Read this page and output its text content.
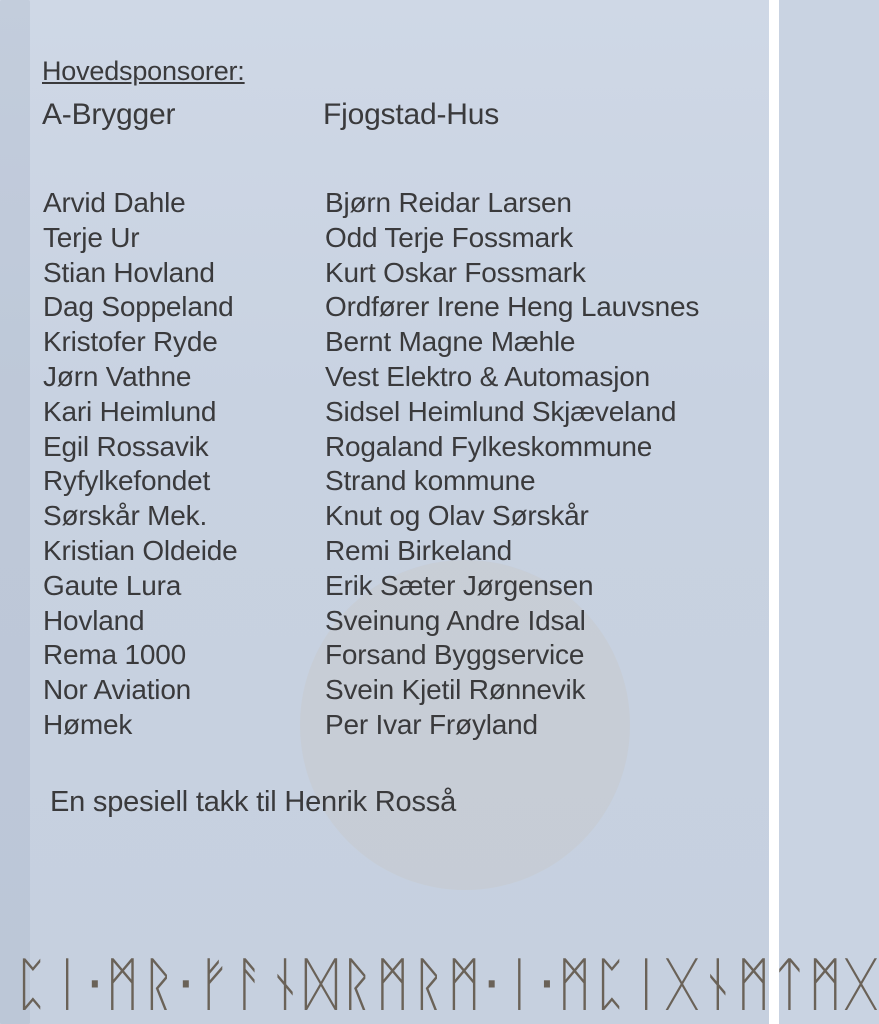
Hovedsponsorer:
A-Brygger	Fjogstad-Hus
Arvid Dahle
Terje Ur
Stian Hovland
Dag Soppeland
Kristofer Ryde
Jørn Vathne
Kari Heimlund
Egil Rossavik
Ryfylkefondet
Sørskår Mek.
Kristian Oldeide
Gaute Lura
Hovland
Rema 1000
Nor Aviation
Hømek
Bjørn Reidar Larsen
Odd Terje Fossmark
Kurt Oskar Fossmark
Ordfører Irene Heng Lauvsnes
Bernt Magne Mæhle
Vest Elektro & Automasjon
Sidsel Heimlund Skjæveland
Rogaland Fylkeskommune
Strand kommune
Knut og Olav Sørskår
Remi Birkeland
Erik Sæter Jørgensen
Sveinung Andre Idsal
Forsand Byggservice
Svein Kjetil Rønnevik
Per Ivar Frøyland
En spesiell takk til Henrik Rosså
ᛈᛁ·ᛗᚱ·ᚠᚨᚾᛞᚱᛗᚱᛗ·ᛁ·ᛗᛈᛁᚷᚾᛗᛏᛗᚷ
